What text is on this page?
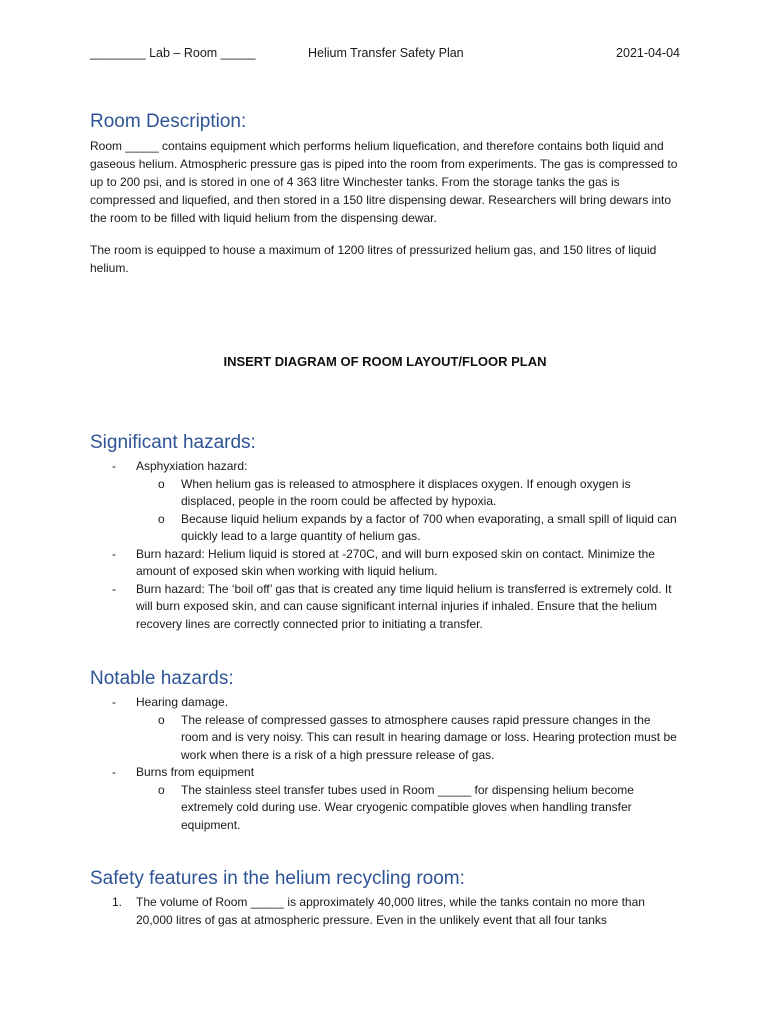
________ Lab – Room _____	Helium Transfer Safety Plan	2021-04-04
Room Description:

Room _____ contains equipment which performs helium liquefication, and therefore contains both liquid and gaseous helium. Atmospheric pressure gas is piped into the room from experiments. The gas is compressed to up to 200 psi, and is stored in one of 4 363 litre Winchester tanks. From the storage tanks the gas is compressed and liquefied, and then stored in a 150 litre dispensing dewar. Researchers will bring dewars into the room to be filled with liquid helium from the dispensing dewar.

The room is equipped to house a maximum of 1200 litres of pressurized helium gas, and 150 litres of liquid helium.

INSERT DIAGRAM OF ROOM LAYOUT/FLOOR PLAN
Significant hazards:
- Asphyxiation hazard:
o When helium gas is released to atmosphere it displaces oxygen. If enough oxygen is displaced, people in the room could be affected by hypoxia.
o Because liquid helium expands by a factor of 700 when evaporating, a small spill of liquid can quickly lead to a large quantity of helium gas.
- Burn hazard: Helium liquid is stored at -270C, and will burn exposed skin on contact. Minimize the amount of exposed skin when working with liquid helium.
- Burn hazard: The ‘boil off’ gas that is created any time liquid helium is transferred is extremely cold. It will burn exposed skin, and can cause significant internal injuries if inhaled. Ensure that the helium recovery lines are correctly connected prior to initiating a transfer.
Notable hazards:
- Hearing damage.
o The release of compressed gasses to atmosphere causes rapid pressure changes in the room and is very noisy. This can result in hearing damage or loss. Hearing protection must be work when there is a risk of a high pressure release of gas.
- Burns from equipment
o The stainless steel transfer tubes used in Room _____ for dispensing helium become extremely cold during use. Wear cryogenic compatible gloves when handling transfer equipment.
Safety features in the helium recycling room:
1. The volume of Room _____ is approximately 40,000 litres, while the tanks contain no more than 20,000 litres of gas at atmospheric pressure. Even in the unlikely event that all four tanks
